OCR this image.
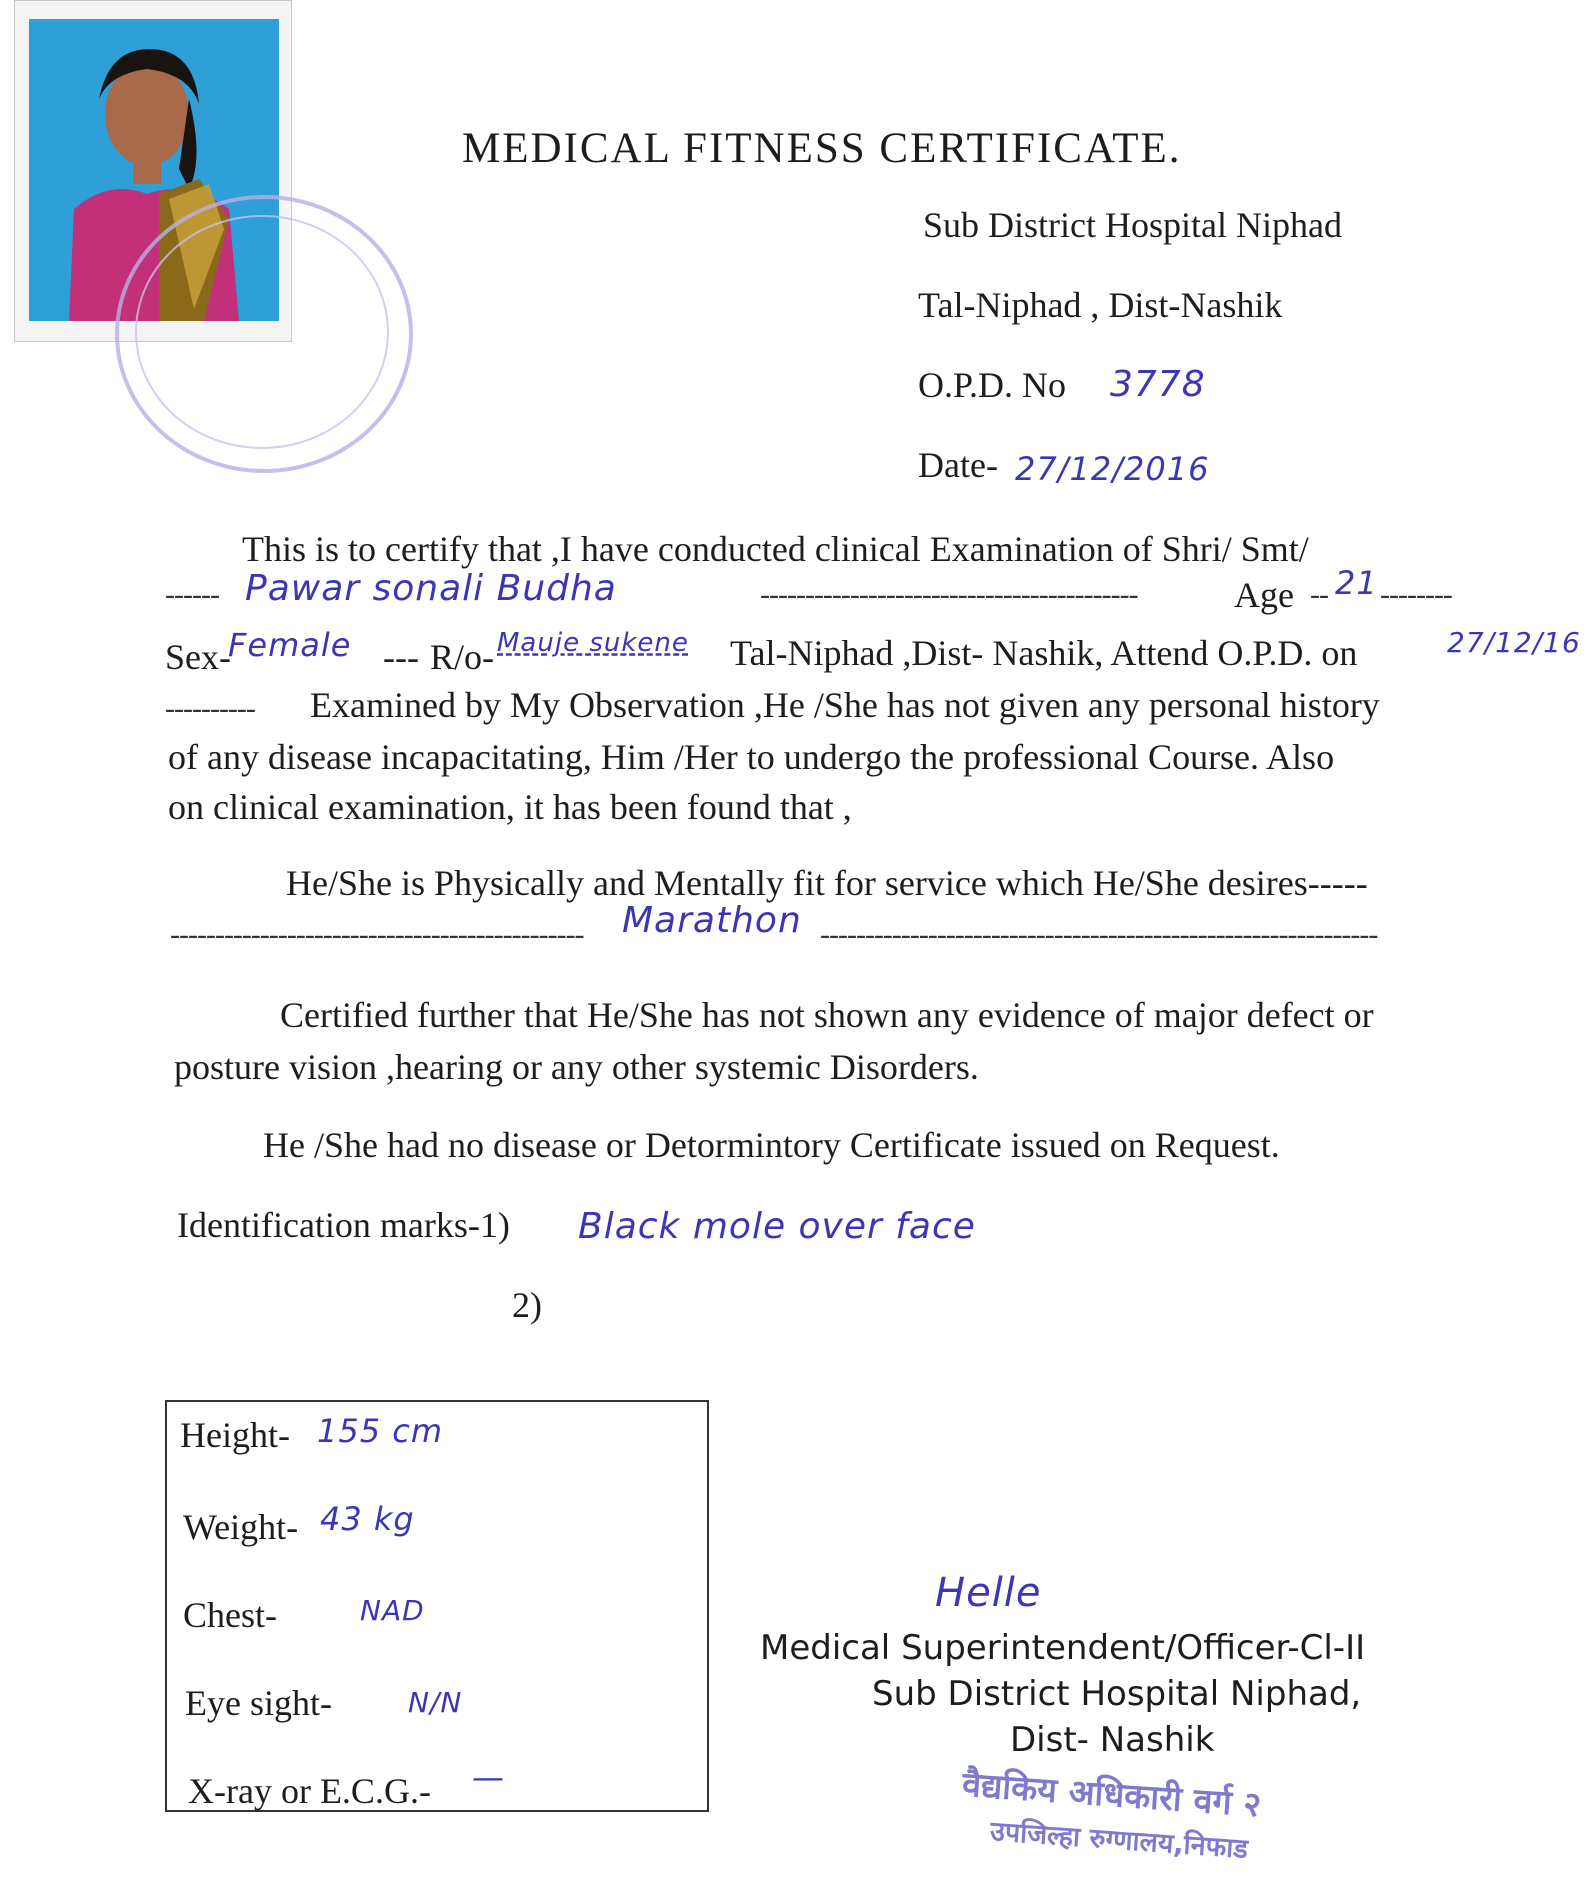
MEDICAL FITNESS CERTIFICATE.
Sub District Hospital Niphad
Tal-Niphad , Dist-Nashik
O.P.D. No 3778
Date- 27/12/2016
This is to certify that ,I have conducted clinical Examination of Shri/ Smt/
------ Pawar sonali Budha	------------------------------------------	Age -- 21 --------
Sex-
Female --- R/o- Mauje sukene Tal-Niphad ,Dist- Nashik, Attend O.P.D. on	27/12/16
---------- Examined by My Observation ,He /She has not given any personal history
of any disease incapacitating, Him /Her to undergo the professional Course. Also
on clinical examination, it has been found that ,
He/She is Physically and Mentally fit for service which He/She desires-----
---------------------------------------------- Marathon --------------------------------------------------------------
Certified further that He/She has not shown any evidence of major defect or
posture vision ,hearing or any other systemic Disorders.
He /She had no disease or Detormintory Certificate issued on Request.
Identification marks-1) Black mole over face
2)
Height- 155 cm
Weight- 43 kg
Chest-	NAD
Eye sight-	N/N
X-ray or E.C.G.- —
Helle
Medical Superintendent/Officer-Cl-II
Sub District Hospital Niphad,
Dist- Nashik
वैद्यकिय अधिकारी वर्ग २
उपजिल्हा रुग्णालय,निफाड
